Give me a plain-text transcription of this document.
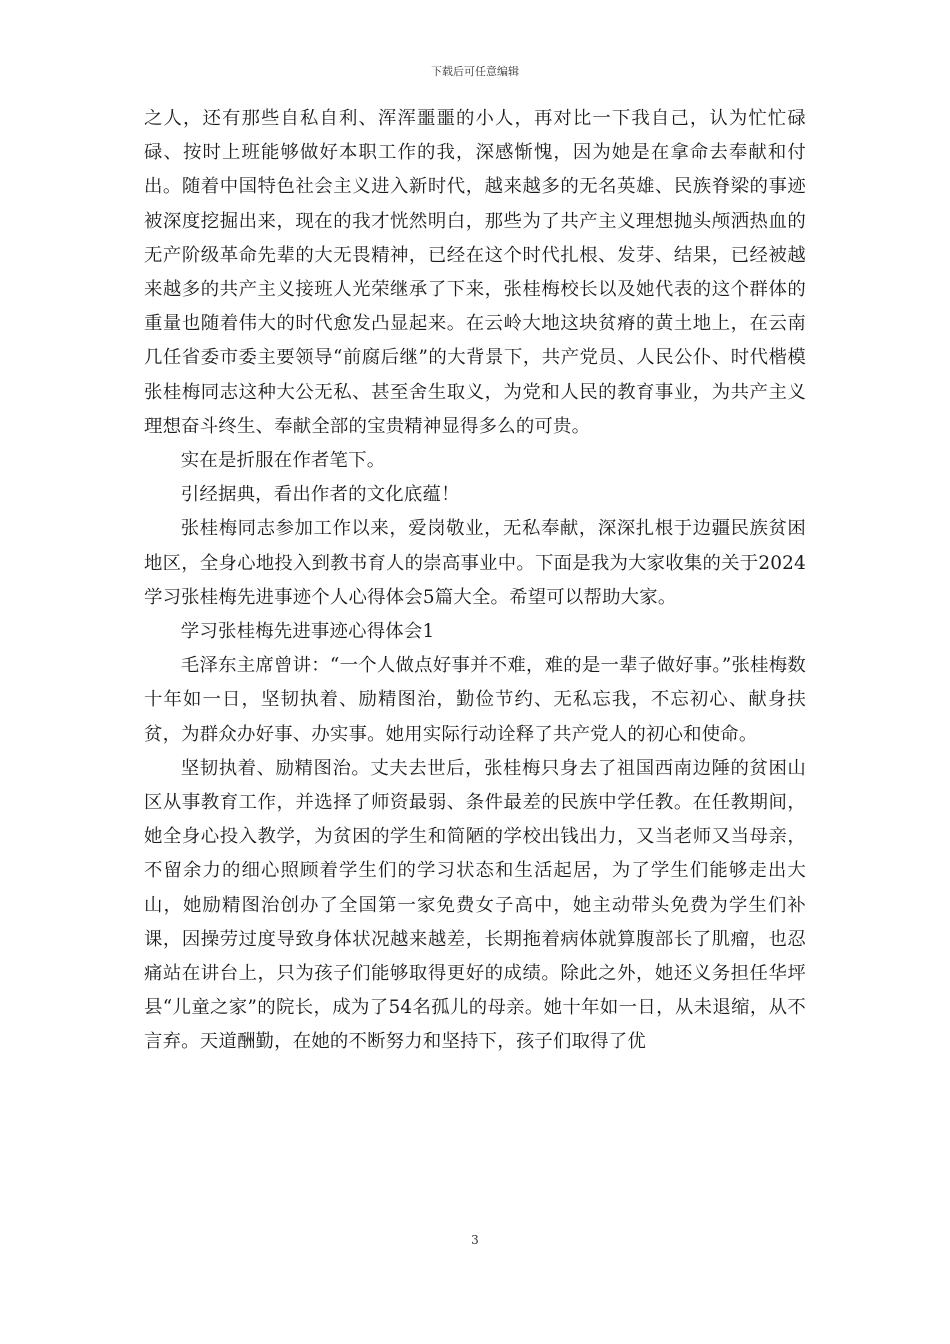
下载后可任意编辑

之人，还有那些自私自利、浑浑噩噩的小人，再对比一下我自己，认为忙忙碌碌、按时上班能够做好本职工作的我，深感惭愧，因为她是在拿命去奉献和付出。随着中国特色社会主义进入新时代，越来越多的无名英雄、民族脊梁的事迹被深度挖掘出来，现在的我才恍然明白，那些为了共产主义理想抛头颅洒热血的无产阶级革命先辈的大无畏精神，已经在这个时代扎根、发芽、结果，已经被越来越多的共产主义接班人光荣继承了下来，张桂梅校长以及她代表的这个群体的重量也随着伟大的时代愈发凸显起来。在云岭大地这块贫瘠的黄土地上，在云南几任省委市委主要领导“前腐后继”的大背景下，共产党员、人民公仆、时代楷模张桂梅同志这种大公无私、甚至舍生取义，为党和人民的教育事业，为共产主义理想奋斗终生、奉献全部的宝贵精神显得多么的可贵。

实在是折服在作者笔下。

引经据典，看出作者的文化底蕴！

张桂梅同志参加工作以来，爱岗敬业，无私奉献，深深扎根于边疆民族贫困地区，全身心地投入到教书育人的崇高事业中。下面是我为大家收集的关于2024学习张桂梅先进事迹个人心得体会5篇大全。希望可以帮助大家。

学习张桂梅先进事迹心得体会1

毛泽东主席曾讲：“一个人做点好事并不难，难的是一辈子做好事。”张桂梅数十年如一日，坚韧执着、励精图治，勤俭节约、无私忘我，不忘初心、献身扶贫，为群众办好事、办实事。她用实际行动诠释了共产党人的初心和使命。

坚韧执着、励精图治。丈夫去世后，张桂梅只身去了祖国西南边陲的贫困山区从事教育工作，并选择了师资最弱、条件最差的民族中学任教。在任教期间，她全身心投入教学，为贫困的学生和简陋的学校出钱出力，又当老师又当母亲，不留余力的细心照顾着学生们的学习状态和生活起居，为了学生们能够走出大山，她励精图治创办了全国第一家免费女子高中，她主动带头免费为学生们补课，因操劳过度导致身体状况越来越差，长期拖着病体就算腹部长了肌瘤，也忍痛站在讲台上，只为孩子们能够取得更好的成绩。除此之外，她还义务担任华坪县“儿童之家”的院长，成为了54名孤儿的母亲。她十年如一日，从未退缩，从不言弃。天道酬勤，在她的不断努力和坚持下，孩子们取得了优

3
